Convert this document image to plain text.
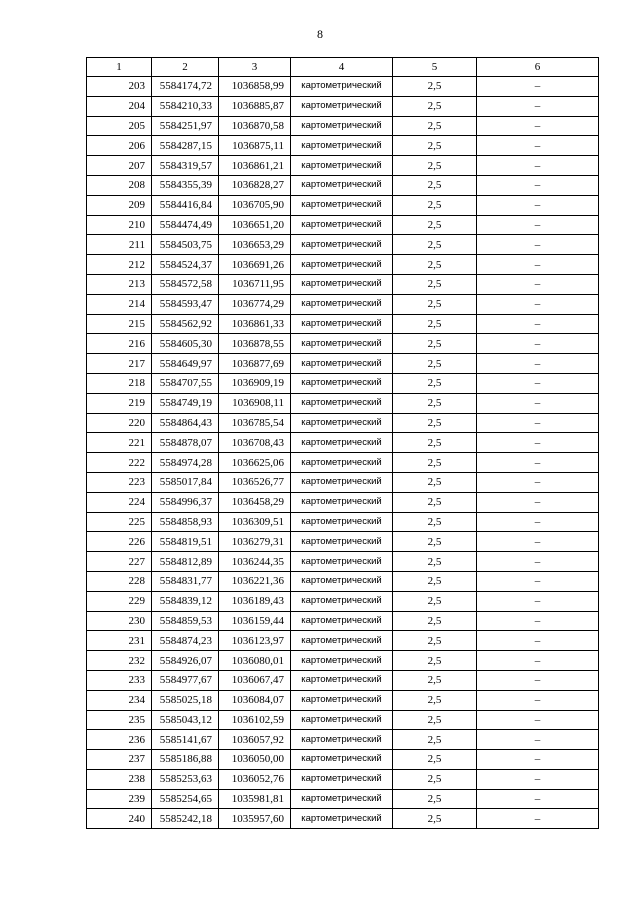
8
1	2	3	4	5	6
203	5584174,72	1036858,99	картометрический	2,5	–
204	5584210,33	1036885,87	картометрический	2,5	–
205	5584251,97	1036870,58	картометрический	2,5	–
206	5584287,15	1036875,11	картометрический	2,5	–
207	5584319,57	1036861,21	картометрический	2,5	–
208	5584355,39	1036828,27	картометрический	2,5	–
209	5584416,84	1036705,90	картометрический	2,5	–
210	5584474,49	1036651,20	картометрический	2,5	–
211	5584503,75	1036653,29	картометрический	2,5	–
212	5584524,37	1036691,26	картометрический	2,5	–
213	5584572,58	1036711,95	картометрический	2,5	–
214	5584593,47	1036774,29	картометрический	2,5	–
215	5584562,92	1036861,33	картометрический	2,5	–
216	5584605,30	1036878,55	картометрический	2,5	–
217	5584649,97	1036877,69	картометрический	2,5	–
218	5584707,55	1036909,19	картометрический	2,5	–
219	5584749,19	1036908,11	картометрический	2,5	–
220	5584864,43	1036785,54	картометрический	2,5	–
221	5584878,07	1036708,43	картометрический	2,5	–
222	5584974,28	1036625,06	картометрический	2,5	–
223	5585017,84	1036526,77	картометрический	2,5	–
224	5584996,37	1036458,29	картометрический	2,5	–
225	5584858,93	1036309,51	картометрический	2,5	–
226	5584819,51	1036279,31	картометрический	2,5	–
227	5584812,89	1036244,35	картометрический	2,5	–
228	5584831,77	1036221,36	картометрический	2,5	–
229	5584839,12	1036189,43	картометрический	2,5	–
230	5584859,53	1036159,44	картометрический	2,5	–
231	5584874,23	1036123,97	картометрический	2,5	–
232	5584926,07	1036080,01	картометрический	2,5	–
233	5584977,67	1036067,47	картометрический	2,5	–
234	5585025,18	1036084,07	картометрический	2,5	–
235	5585043,12	1036102,59	картометрический	2,5	–
236	5585141,67	1036057,92	картометрический	2,5	–
237	5585186,88	1036050,00	картометрический	2,5	–
238	5585253,63	1036052,76	картометрический	2,5	–
239	5585254,65	1035981,81	картометрический	2,5	–
240	5585242,18	1035957,60	картометрический	2,5	–
